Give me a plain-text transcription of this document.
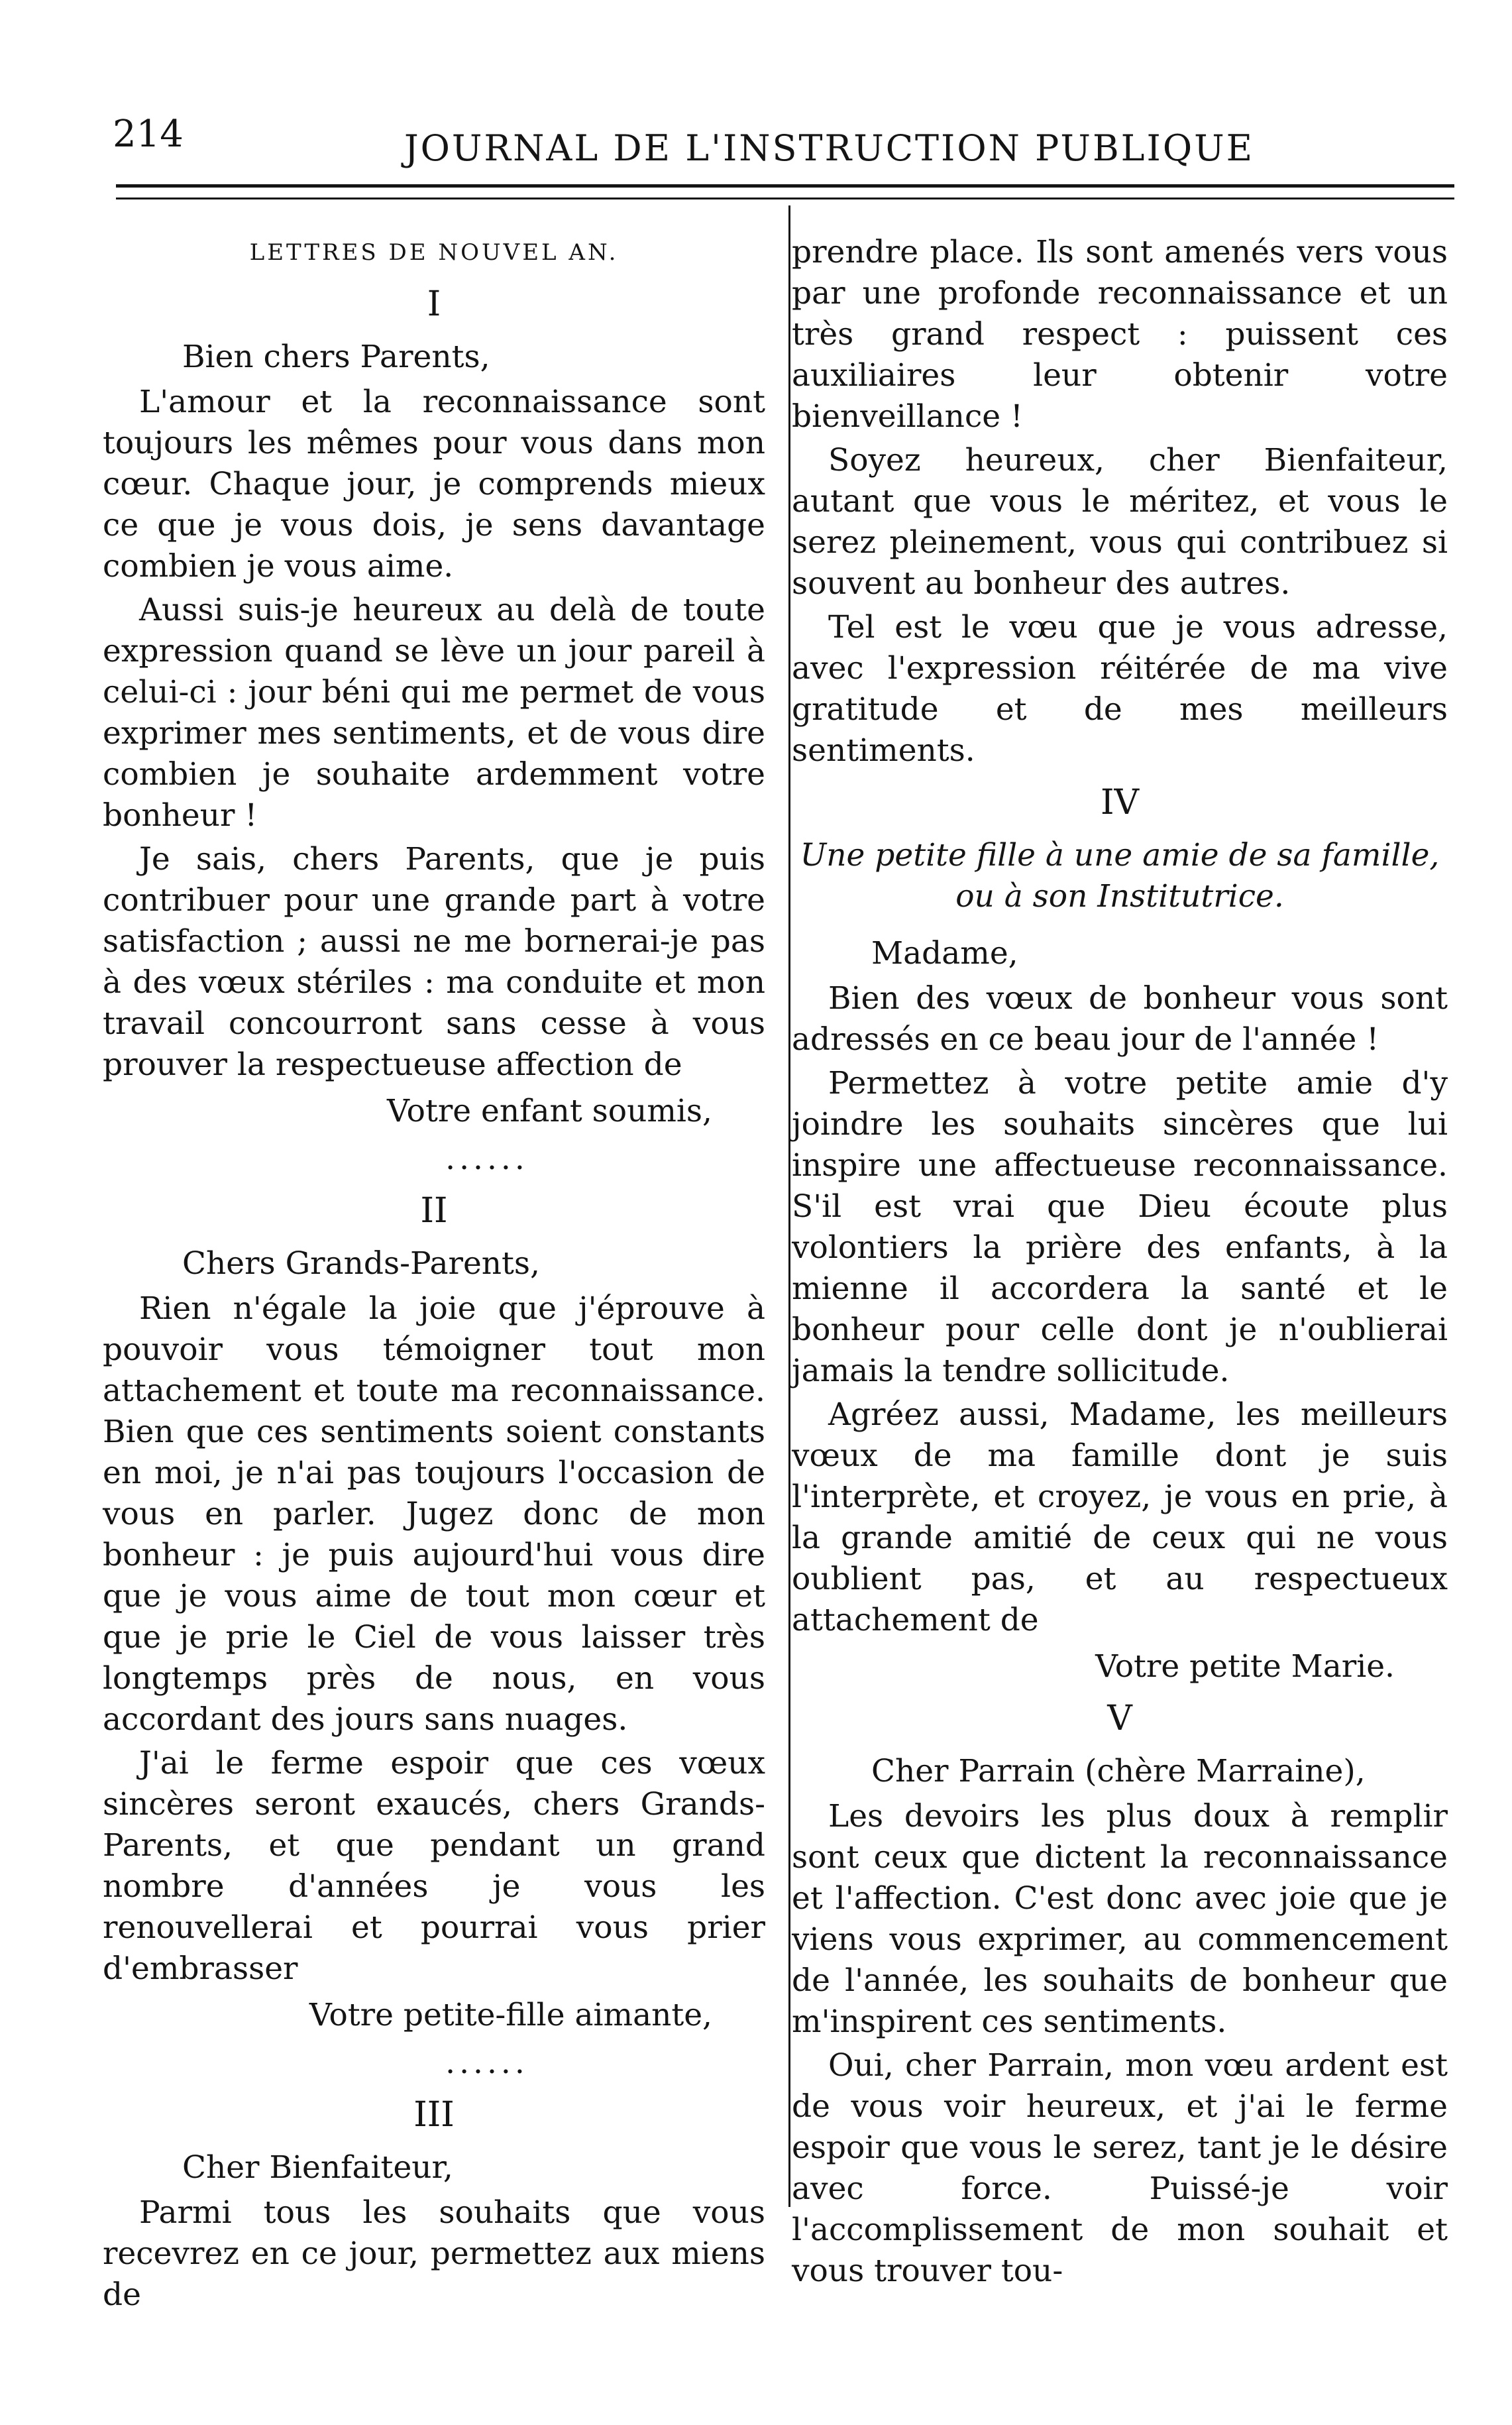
214	JOURNAL DE L'INSTRUCTION PUBLIQUE

LETTRES DE NOUVEL AN.

I

Bien chers Parents,

L'amour et la reconnaissance sont toujours les mêmes pour vous dans mon cœur. Chaque jour, je comprends mieux ce que je vous dois, je sens davantage combien je vous aime.

Aussi suis-je heureux au delà de toute expression quand se lève un jour pareil à celui-ci : jour béni qui me permet de vous exprimer mes sentiments, et de vous dire combien je souhaite ardemment votre bonheur !

Je sais, chers Parents, que je puis contribuer pour une grande part à votre satisfaction ; aussi ne me bornerai-je pas à des vœux stériles : ma conduite et mon travail concourront sans cesse à vous prouver la respectueuse affection de

Votre enfant soumis,

......

II

Chers Grands-Parents,

Rien n'égale la joie que j'éprouve à pouvoir vous témoigner tout mon attachement et toute ma reconnaissance. Bien que ces sentiments soient constants en moi, je n'ai pas toujours l'occasion de vous en parler. Jugez donc de mon bonheur : je puis aujourd'hui vous dire que je vous aime de tout mon cœur et que je prie le Ciel de vous laisser très longtemps près de nous, en vous accordant des jours sans nuages.

J'ai le ferme espoir que ces vœux sincères seront exaucés, chers Grands-Parents, et que pendant un grand nombre d'années je vous les renouvellerai et pourrai vous prier d'embrasser

Votre petite-fille aimante,

......

III

Cher Bienfaiteur,

Parmi tous les souhaits que vous recevrez en ce jour, permettez aux miens de

prendre place. Ils sont amenés vers vous par une profonde reconnaissance et un très grand respect : puissent ces auxiliaires leur obtenir votre bienveillance !

Soyez heureux, cher Bienfaiteur, autant que vous le méritez, et vous le serez pleinement, vous qui contribuez si souvent au bonheur des autres.

Tel est le vœu que je vous adresse, avec l'expression réitérée de ma vive gratitude et de mes meilleurs sentiments.

IV

Une petite fille à une amie de sa famille, ou à son Institutrice.

Madame,

Bien des vœux de bonheur vous sont adressés en ce beau jour de l'année !

Permettez à votre petite amie d'y joindre les souhaits sincères que lui inspire une affectueuse reconnaissance. S'il est vrai que Dieu écoute plus volontiers la prière des enfants, à la mienne il accordera la santé et le bonheur pour celle dont je n'oublierai jamais la tendre sollicitude.

Agréez aussi, Madame, les meilleurs vœux de ma famille dont je suis l'interprète, et croyez, je vous en prie, à la grande amitié de ceux qui ne vous oublient pas, et au respectueux attachement de

Votre petite Marie.

V

Cher Parrain (chère Marraine),

Les devoirs les plus doux à remplir sont ceux que dictent la reconnaissance et l'affection. C'est donc avec joie que je viens vous exprimer, au commencement de l'année, les souhaits de bonheur que m'inspirent ces sentiments.

Oui, cher Parrain, mon vœu ardent est de vous voir heureux, et j'ai le ferme espoir que vous le serez, tant je le désire avec force. Puissé-je voir l'accomplissement de mon souhait et vous trouver tou-
